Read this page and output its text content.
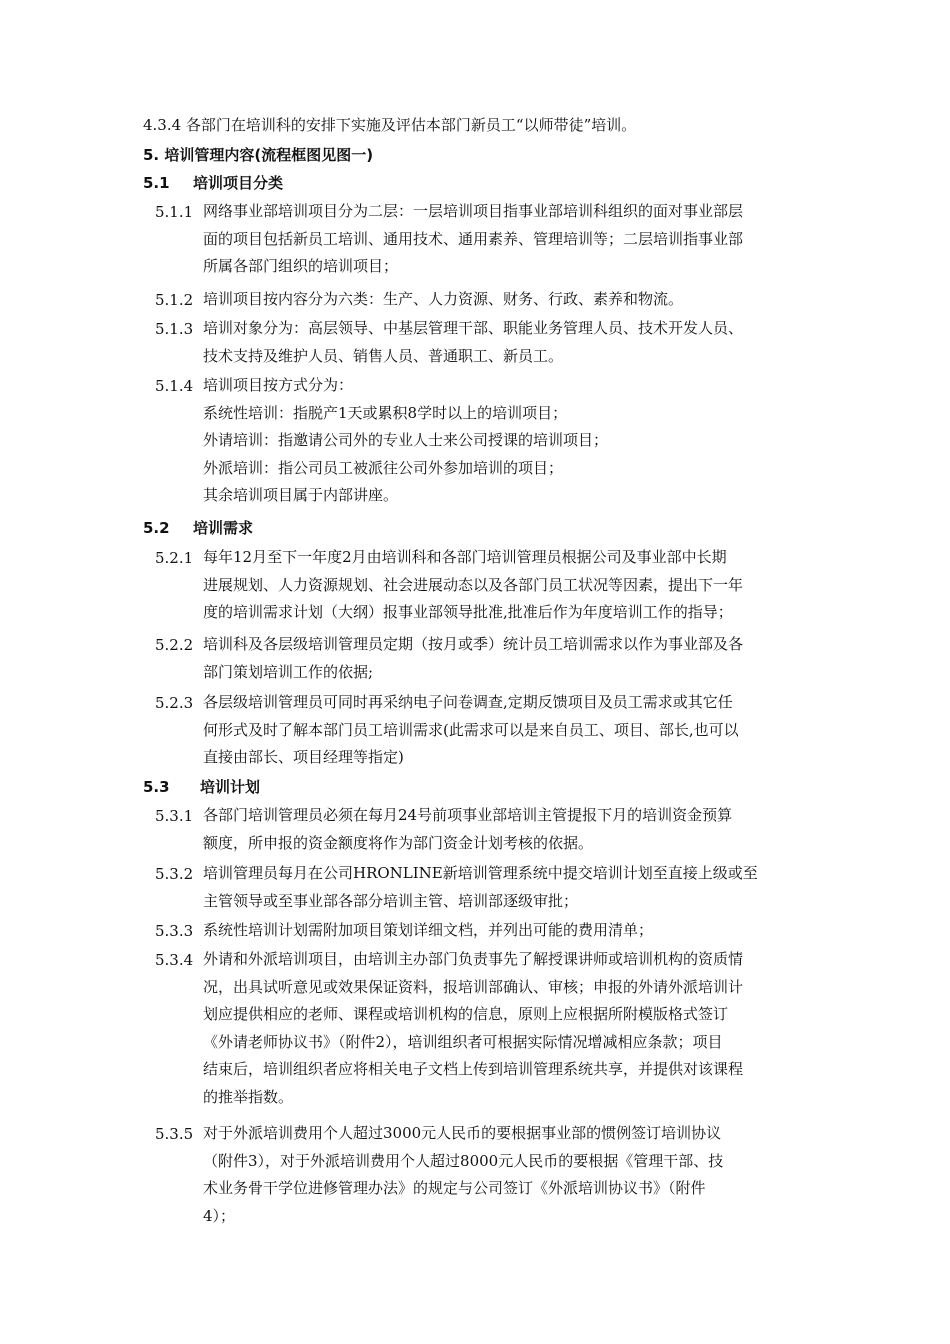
4.3.4 各部门在培训科的安排下实施及评估本部门新员工“以师带徒”培训。
5. 培训管理内容(流程框图见图一)
5.1 培训项目分类
5.1.1 网络事业部培训项目分为二层：一层培训项目指事业部培训科组织的面对事业部层
面的项目包括新员工培训、通用技术、通用素养、管理培训等；二层培训指事业部
所属各部门组织的培训项目；
5.1.2 培训项目按内容分为六类：生产、人力资源、财务、行政、素养和物流。
5.1.3 培训对象分为：高层领导、中基层管理干部、职能业务管理人员、技术开发人员、
技术支持及维护人员、销售人员、普通职工、新员工。
5.1.4 培训项目按方式分为：
系统性培训：指脱产1天或累积8学时以上的培训项目；
外请培训：指邀请公司外的专业人士来公司授课的培训项目；
外派培训：指公司员工被派往公司外参加培训的项目；
其余培训项目属于内部讲座。
5.2 培训需求
5.2.1 每年12月至下一年度2月由培训科和各部门培训管理员根据公司及事业部中长期
进展规划、人力资源规划、社会进展动态以及各部门员工状况等因素，提出下一年
度的培训需求计划（大纲）报事业部领导批准,批准后作为年度培训工作的指导；
5.2.2 培训科及各层级培训管理员定期（按月或季）统计员工培训需求以作为事业部及各
部门策划培训工作的依据;
5.2.3 各层级培训管理员可同时再采纳电子问卷调查,定期反馈项目及员工需求或其它任
何形式及时了解本部门员工培训需求(此需求可以是来自员工、项目、部长,也可以
直接由部长、项目经理等指定)
5.3 培训计划
5.3.1 各部门培训管理员必须在每月24号前项事业部培训主管提报下月的培训资金预算
额度，所申报的资金额度将作为部门资金计划考核的依据。
5.3.2 培训管理员每月在公司HRONLINE新培训管理系统中提交培训计划至直接上级或至
主管领导或至事业部各部分培训主管、培训部逐级审批；
5.3.3 系统性培训计划需附加项目策划详细文档，并列出可能的费用清单；
5.3.4 外请和外派培训项目，由培训主办部门负责事先了解授课讲师或培训机构的资质情
况，出具试听意见或效果保证资料，报培训部确认、审核；申报的外请外派培训计
划应提供相应的老师、课程或培训机构的信息，原则上应根据所附模版格式签订
《外请老师协议书》（附件2），培训组织者可根据实际情况增减相应条款；项目
结束后，培训组织者应将相关电子文档上传到培训管理系统共享，并提供对该课程
的推举指数。
5.3.5 对于外派培训费用个人超过3000元人民币的要根据事业部的惯例签订培训协议
（附件3），对于外派培训费用个人超过8000元人民币的要根据《管理干部、技
术业务骨干学位进修管理办法》的规定与公司签订《外派培训协议书》（附件
4）；
